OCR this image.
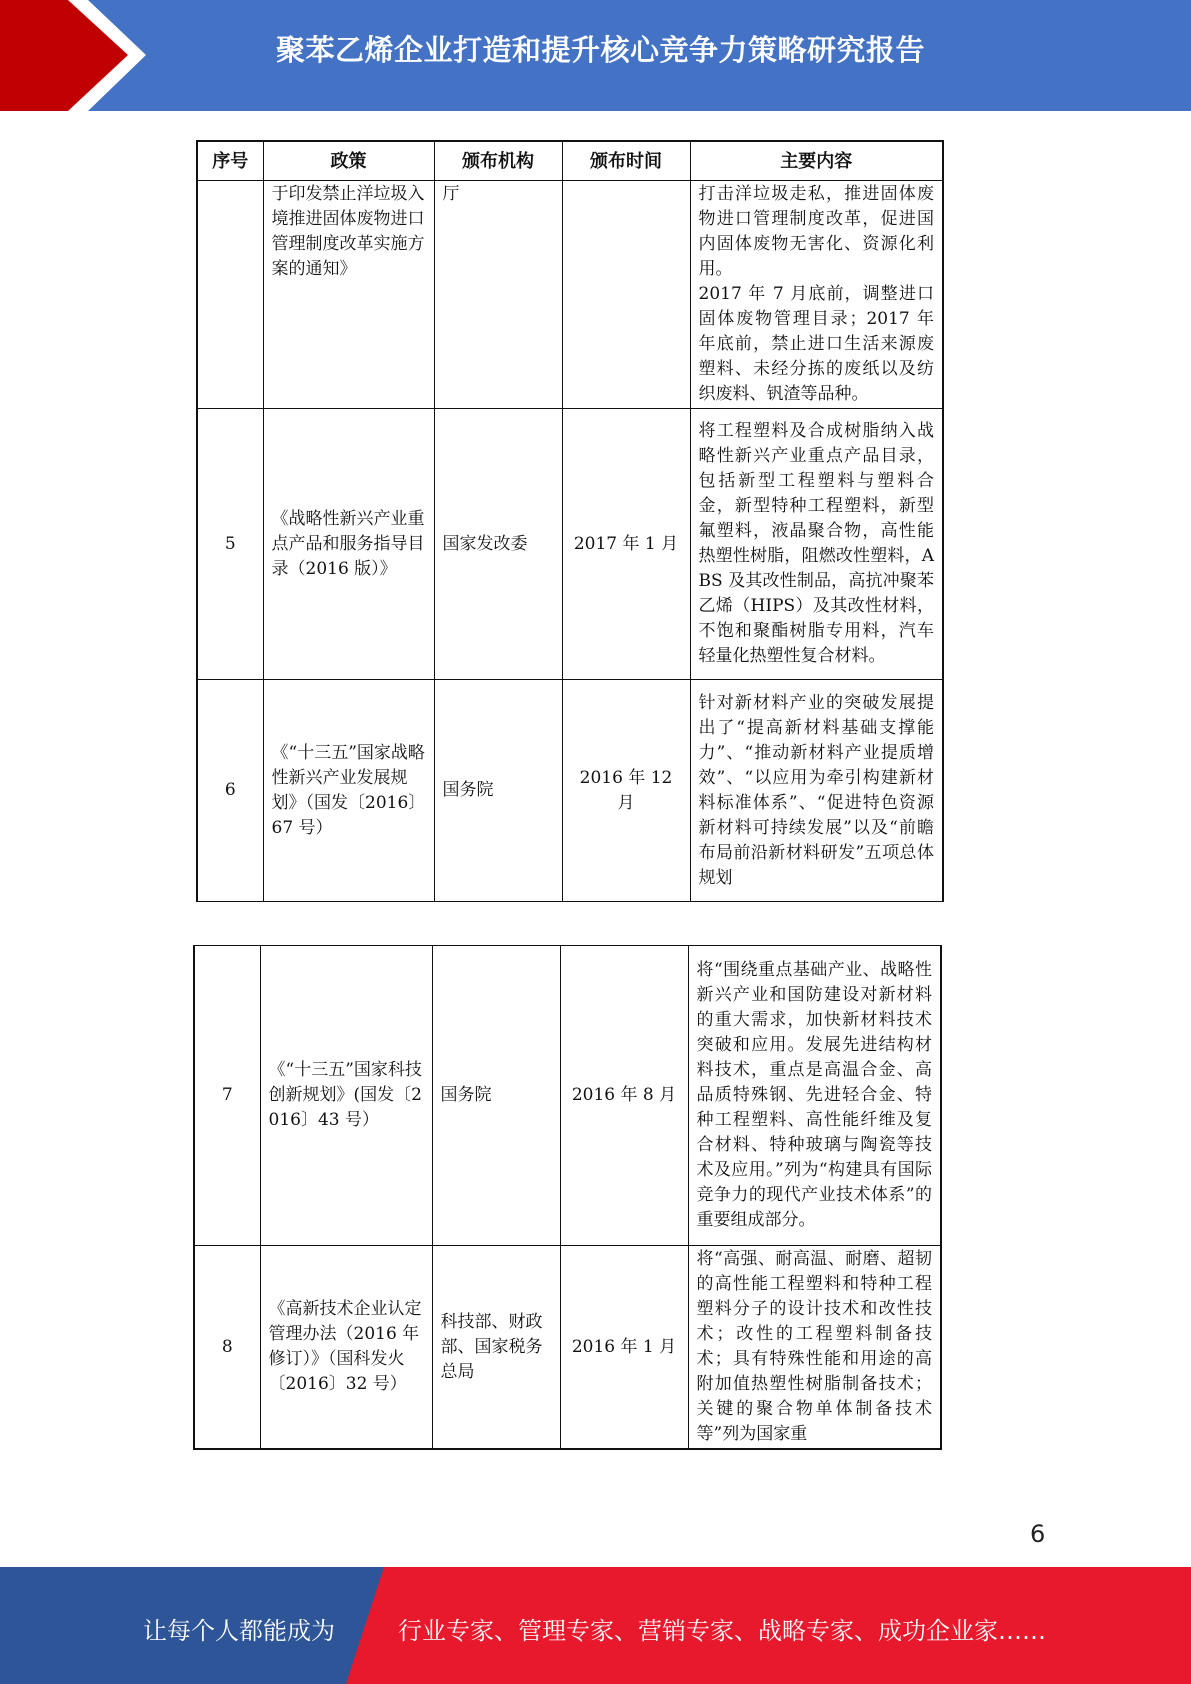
聚苯乙烯企业打造和提升核心竞争力策略研究报告
序号	政策	颁布机构	颁布时间	主要内容
	于印发禁止洋垃圾入境推进固体废物进口管理制度改革实施方案的通知》	厅		打击洋垃圾走私，推进固体废物进口管理制度改革，促进国内固体废物无害化、资源化利用。
2017 年 7 月底前，调整进口固体废物管理目录；2017 年年底前，禁止进口生活来源废塑料、未经分拣的废纸以及纺织废料、钒渣等品种。

5	《战略性新兴产业重点产品和服务指导目录（2016 版）》	国家发改委	2017 年 1 月	将工程塑料及合成树脂纳入战略性新兴产业重点产品目录，包括新型工程塑料与塑料合金，新型特种工程塑料，新型氟塑料，液晶聚合物，高性能热塑性树脂，阻燃改性塑料，ABS 及其改性制品，高抗冲聚苯乙烯（HIPS）及其改性材料，不饱和聚酯树脂专用料，汽车轻量化热塑性复合材料。
6	《“十三五”国家战略性新兴产业发展规划》（国发〔2016〕67 号）	国务院	2016 年 12 月	针对新材料产业的突破发展提出了“提高新材料基础支撑能力”、“推动新材料产业提质增效”、“以应用为牵引构建新材料标准体系”、“促进特色资源新材料可持续发展”以及“前瞻布局前沿新材料研发”五项总体规划
7	《“十三五”国家科技创新规划》(国发〔2016〕43 号）	国务院	2016 年 8 月	将“围绕重点基础产业、战略性新兴产业和国防建设对新材料的重大需求，加快新材料技术突破和应用。发展先进结构材料技术，重点是高温合金、高品质特殊钢、先进轻合金、特种工程塑料、高性能纤维及复合材料、特种玻璃与陶瓷等技术及应用。”列为“构建具有国际竞争力的现代产业技术体系”的重要组成部分。
8	《高新技术企业认定管理办法（2016 年修订）》（国科发火〔2016〕32 号）	科技部、财政部、国家税务总局	2016 年 1 月	将“高强、耐高温、耐磨、超韧的高性能工程塑料和特种工程塑料分子的设计技术和改性技术；改性的工程塑料制备技术；具有特殊性能和用途的高附加值热塑性树脂制备技术；关键的聚合物单体制备技术等”列为国家重
6
让每个人都能成为	行业专家、管理专家、营销专家、战略专家、成功企业家……
